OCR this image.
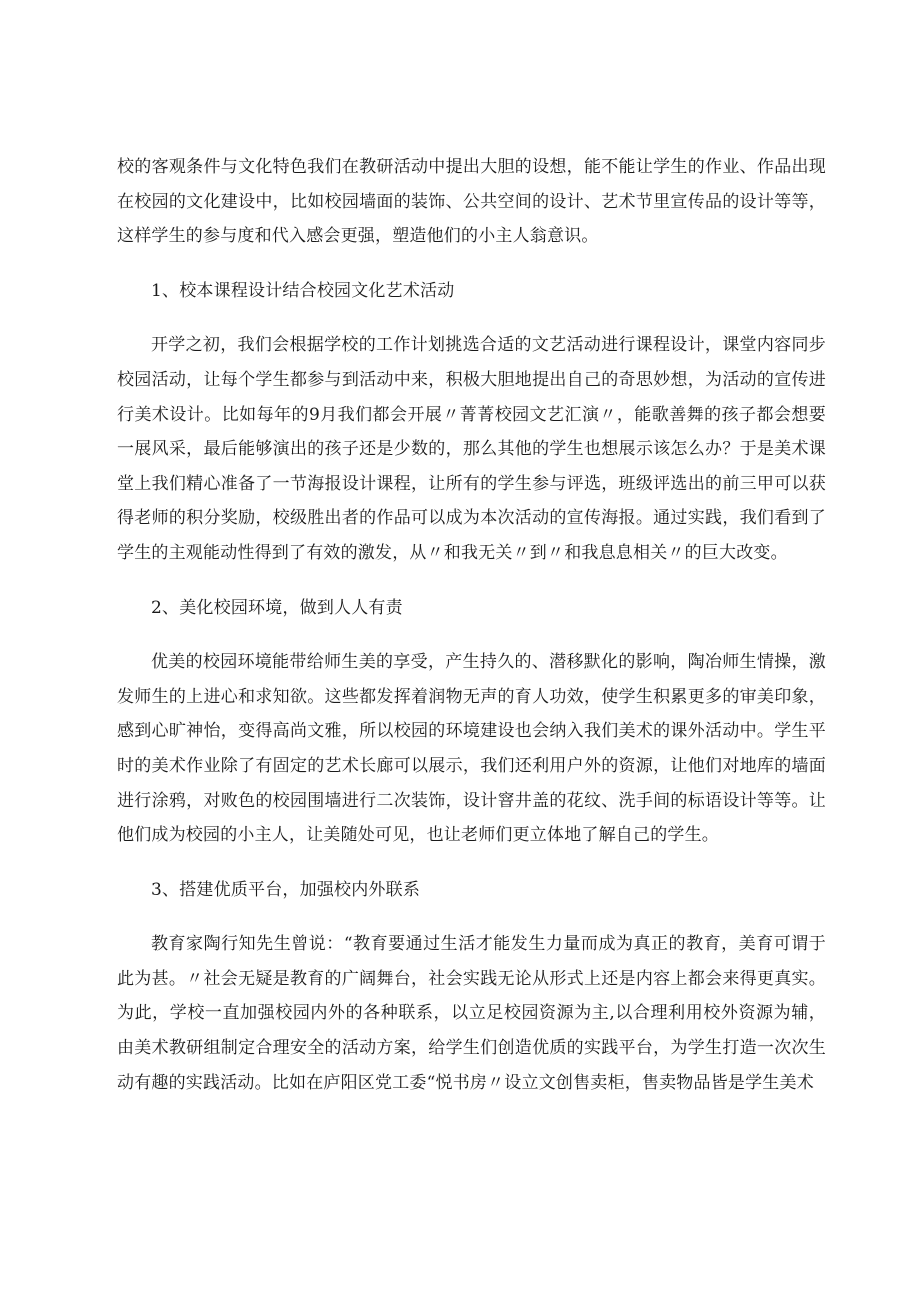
校的客观条件与文化特色我们在教研活动中提出大胆的设想，能不能让学生的作业、作品出现在校园的文化建设中，比如校园墙面的装饰、公共空间的设计、艺术节里宣传品的设计等等，这样学生的参与度和代入感会更强，塑造他们的小主人翁意识。

1、校本课程设计结合校园文化艺术活动

开学之初，我们会根据学校的工作计划挑选合适的文艺活动进行课程设计，课堂内容同步校园活动，让每个学生都参与到活动中来，积极大胆地提出自己的奇思妙想，为活动的宣传进行美术设计。比如每年的9月我们都会开展〃菁菁校园文艺汇演〃，能歌善舞的孩子都会想要一展风采，最后能够演出的孩子还是少数的，那么其他的学生也想展示该怎么办？于是美术课堂上我们精心准备了一节海报设计课程，让所有的学生参与评选，班级评选出的前三甲可以获得老师的积分奖励，校级胜出者的作品可以成为本次活动的宣传海报。通过实践，我们看到了学生的主观能动性得到了有效的激发，从〃和我无关〃到〃和我息息相关〃的巨大改变。

2、美化校园环境，做到人人有责

优美的校园环境能带给师生美的享受，产生持久的、潜移默化的影响，陶冶师生情操，激发师生的上进心和求知欲。这些都发挥着润物无声的育人功效，使学生积累更多的审美印象，感到心旷神怡，变得高尚文雅，所以校园的环境建设也会纳入我们美术的课外活动中。学生平时的美术作业除了有固定的艺术长廊可以展示，我们还利用户外的资源，让他们对地库的墙面进行涂鸦，对败色的校园围墙进行二次装饰，设计窨井盖的花纹、洗手间的标语设计等等。让他们成为校园的小主人，让美随处可见，也让老师们更立体地了解自己的学生。

3、搭建优质平台，加强校内外联系

教育家陶行知先生曾说：“教育要通过生活才能发生力量而成为真正的教育，美育可谓于此为甚。〃社会无疑是教育的广阔舞台，社会实践无论从形式上还是内容上都会来得更真实。为此，学校一直加强校园内外的各种联系，以立足校园资源为主,以合理利用校外资源为辅，由美术教研组制定合理安全的活动方案，给学生们创造优质的实践平台，为学生打造一次次生动有趣的实践活动。比如在庐阳区党工委“悦书房〃设立文创售卖柜，售卖物品皆是学生美术
